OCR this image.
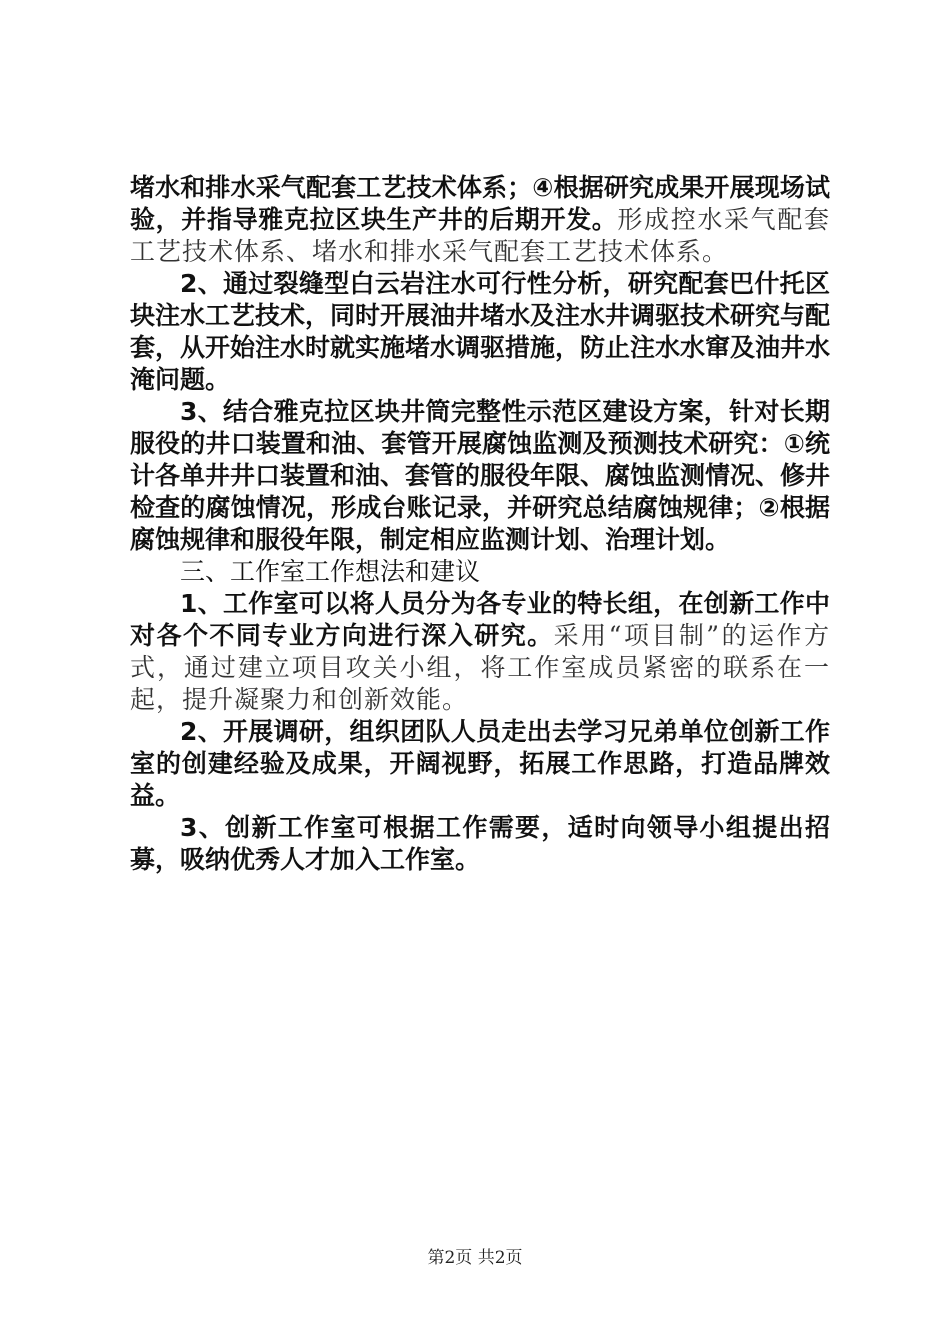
堵水和排水采气配套工艺技术体系；④根据研究成果开展现场试验，并指导雅克拉区块生产井的后期开发。形成控水采气配套工艺技术体系、堵水和排水采气配套工艺技术体系。

2、通过裂缝型白云岩注水可行性分析，研究配套巴什托区块注水工艺技术，同时开展油井堵水及注水井调驱技术研究与配套，从开始注水时就实施堵水调驱措施，防止注水水窜及油井水淹问题。

3、结合雅克拉区块井筒完整性示范区建设方案，针对长期服役的井口装置和油、套管开展腐蚀监测及预测技术研究：①统计各单井井口装置和油、套管的服役年限、腐蚀监测情况、修井检查的腐蚀情况，形成台账记录，并研究总结腐蚀规律；②根据腐蚀规律和服役年限，制定相应监测计划、治理计划。

三、工作室工作想法和建议

1、工作室可以将人员分为各专业的特长组，在创新工作中对各个不同专业方向进行深入研究。采用“项目制”的运作方式，通过建立项目攻关小组，将工作室成员紧密的联系在一起，提升凝聚力和创新效能。

2、开展调研，组织团队人员走出去学习兄弟单位创新工作室的创建经验及成果，开阔视野，拓展工作思路，打造品牌效益。

3、创新工作室可根据工作需要，适时向领导小组提出招募，吸纳优秀人才加入工作室。

第2页 共2页
